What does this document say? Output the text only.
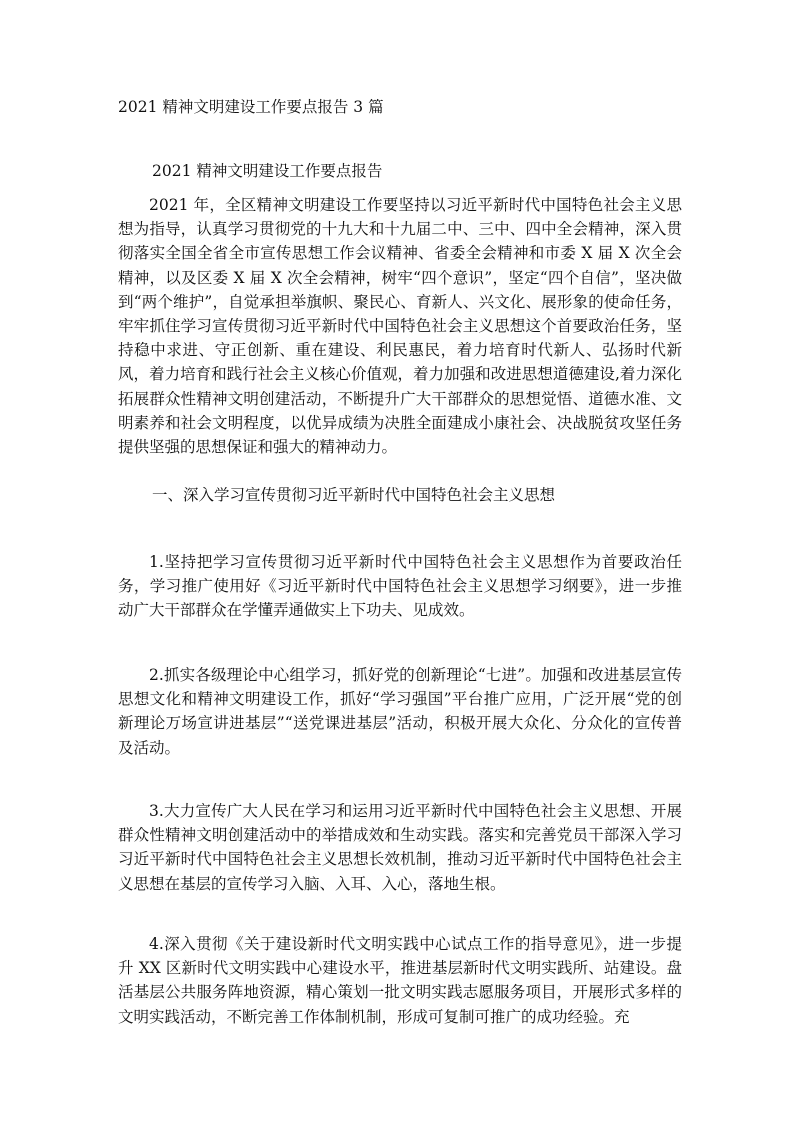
2021 精神文明建设工作要点报告 3 篇
2021 精神文明建设工作要点报告

2021 年，全区精神文明建设工作要坚持以习近平新时代中国特色社会主义思想为指导，认真学习贯彻党的十九大和十九届二中、三中、四中全会精神，深入贯彻落实全国全省全市宣传思想工作会议精神、省委全会精神和市委 X 届 X 次全会精神，以及区委 X 届 X 次全会精神，树牢“四个意识”，坚定“四个自信”，坚决做到“两个维护”，自觉承担举旗帜、聚民心、育新人、兴文化、展形象的使命任务，牢牢抓住学习宣传贯彻习近平新时代中国特色社会主义思想这个首要政治任务，坚持稳中求进、守正创新、重在建设、利民惠民，着力培育时代新人、弘扬时代新风，着力培育和践行社会主义核心价值观，着力加强和改进思想道德建设,着力深化拓展群众性精神文明创建活动，不断提升广大干部群众的思想觉悟、道德水准、文明素养和社会文明程度，以优异成绩为决胜全面建成小康社会、决战脱贫攻坚任务提供坚强的思想保证和强大的精神动力。

一、深入学习宣传贯彻习近平新时代中国特色社会主义思想

1.坚持把学习宣传贯彻习近平新时代中国特色社会主义思想作为首要政治任务，学习推广使用好《习近平新时代中国特色社会主义思想学习纲要》，进一步推动广大干部群众在学懂弄通做实上下功夫、见成效。

2.抓实各级理论中心组学习，抓好党的创新理论“七进”。加强和改进基层宣传思想文化和精神文明建设工作，抓好“学习强国”平台推广应用，广泛开展“党的创新理论万场宣讲进基层”“送党课进基层”活动，积极开展大众化、分众化的宣传普及活动。

3.大力宣传广大人民在学习和运用习近平新时代中国特色社会主义思想、开展群众性精神文明创建活动中的举措成效和生动实践。落实和完善党员干部深入学习习近平新时代中国特色社会主义思想长效机制，推动习近平新时代中国特色社会主义思想在基层的宣传学习入脑、入耳、入心，落地生根。

4.深入贯彻《关于建设新时代文明实践中心试点工作的指导意见》，进一步提升 XX 区新时代文明实践中心建设水平，推进基层新时代文明实践所、站建设。盘活基层公共服务阵地资源，精心策划一批文明实践志愿服务项目，开展形式多样的文明实践活动，不断完善工作体制机制，形成可复制可推广的成功经验。充
